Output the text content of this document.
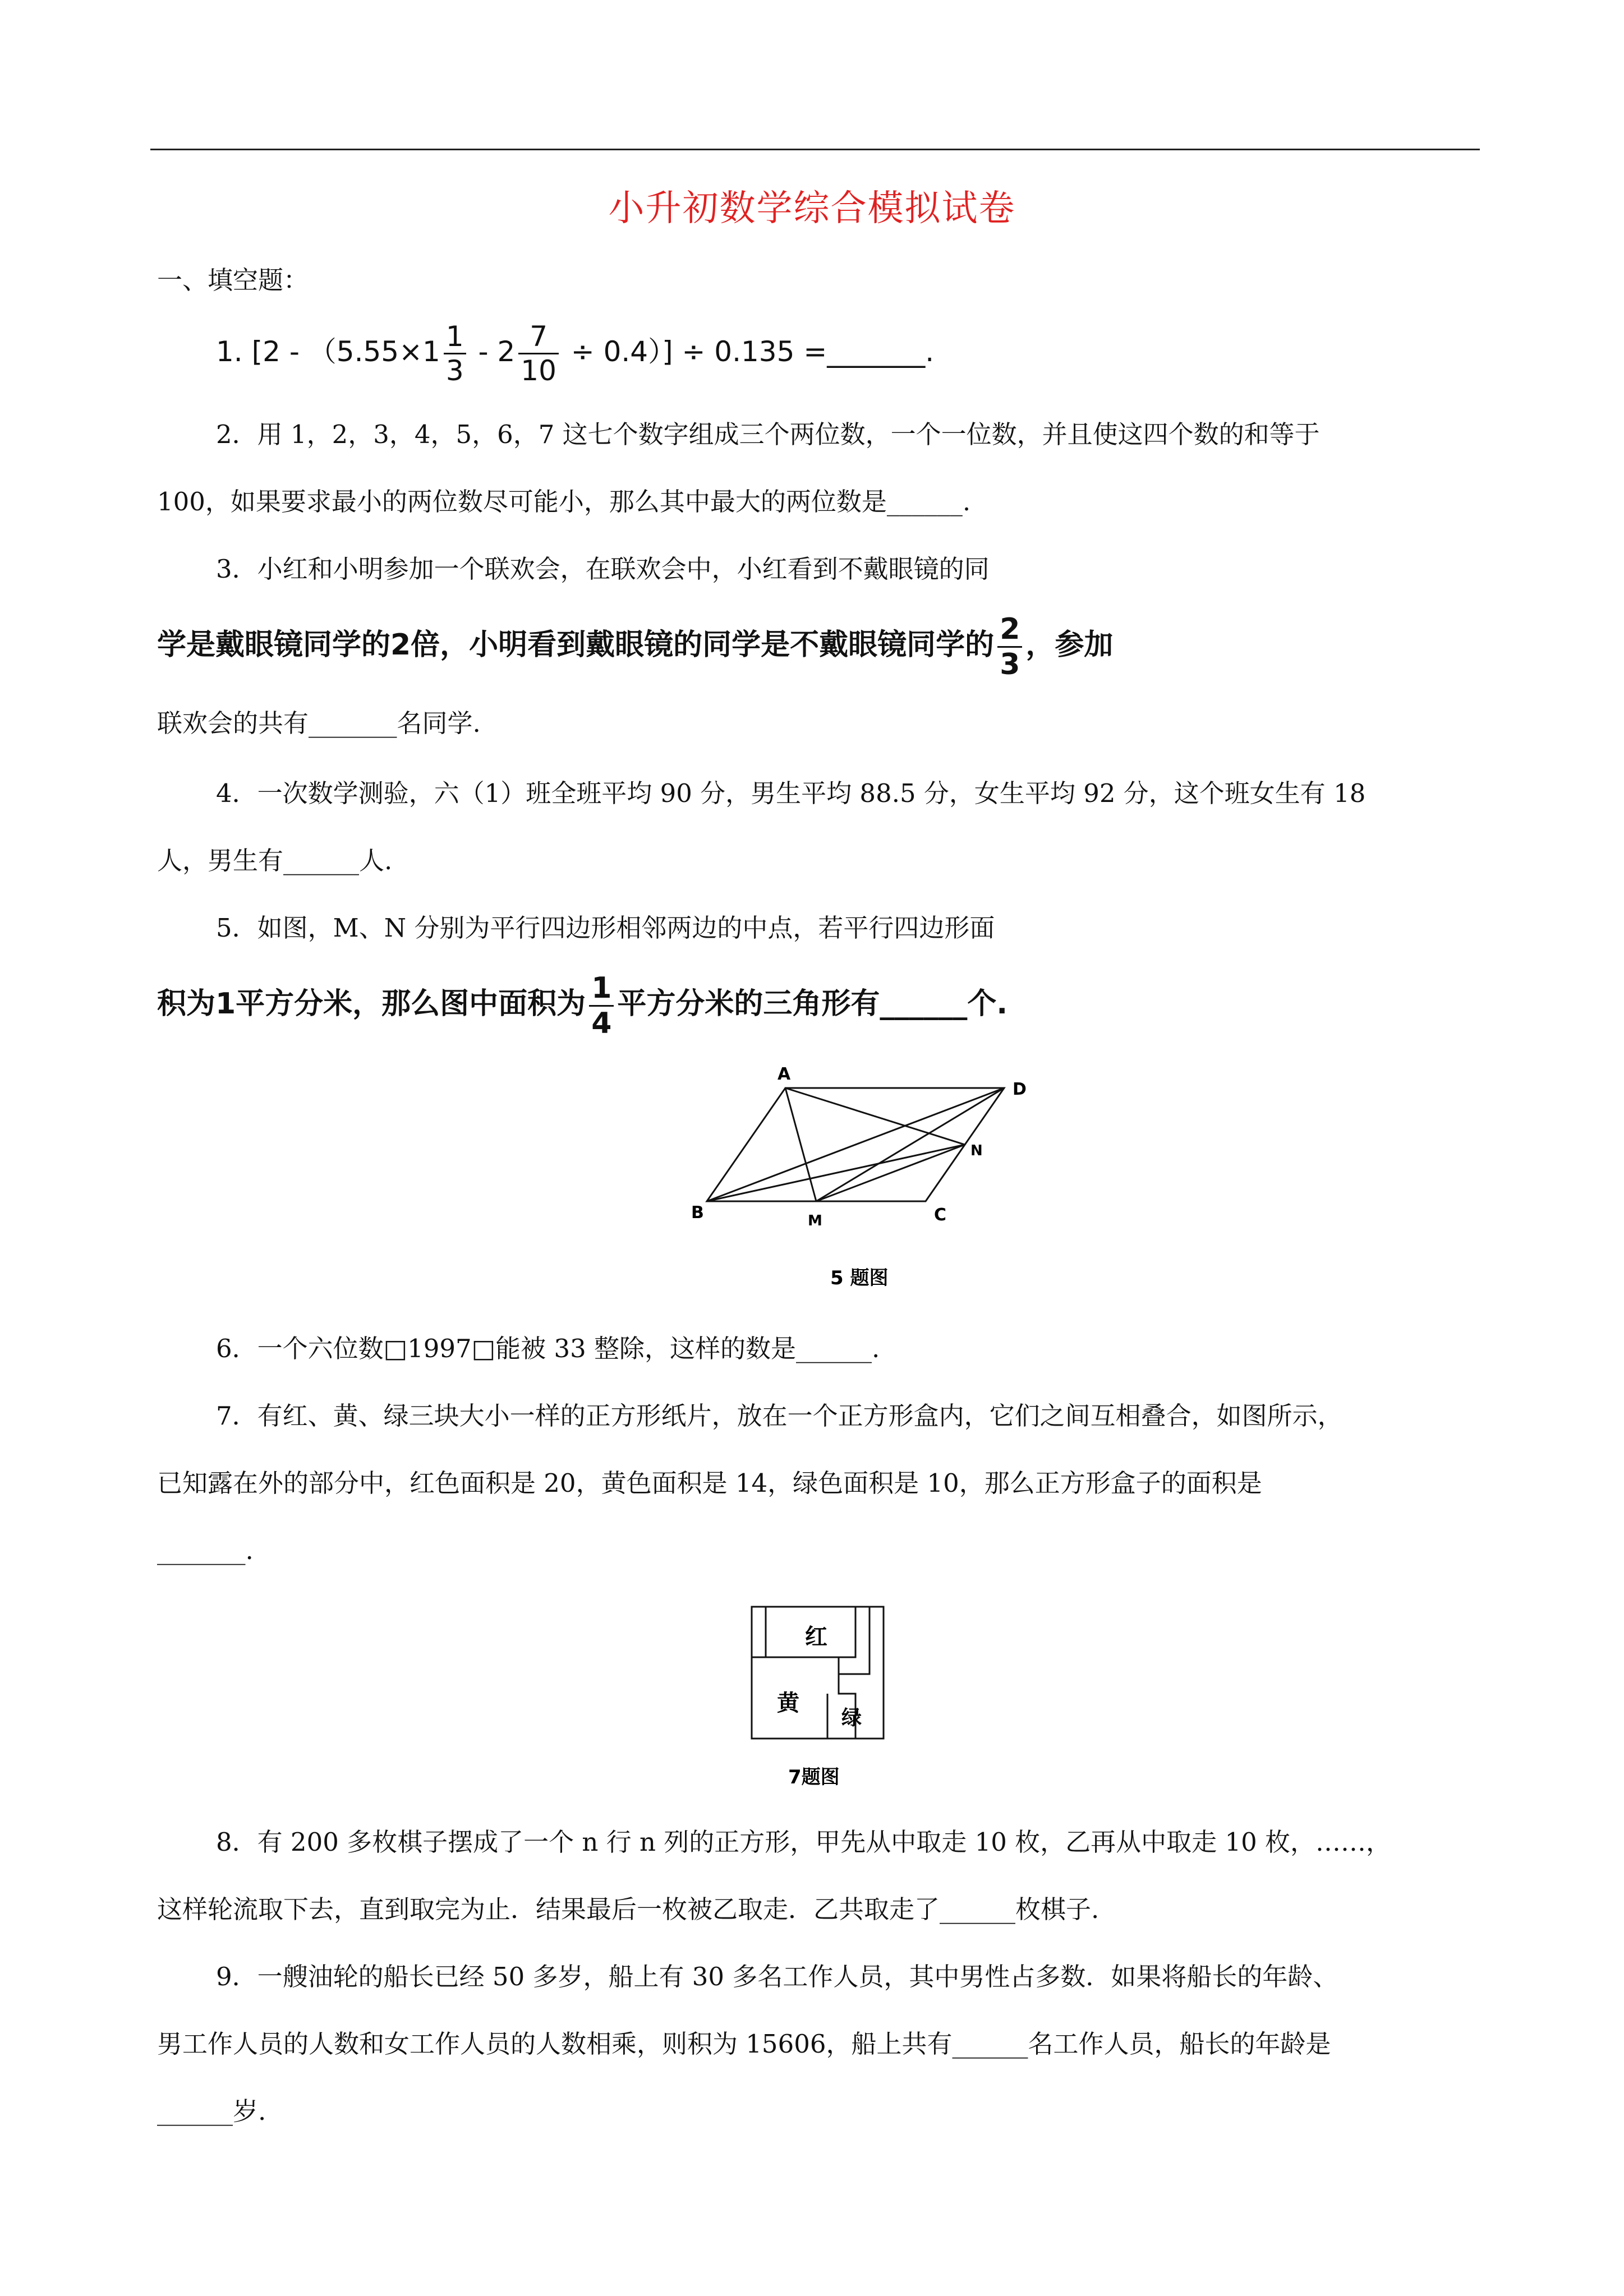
小升初数学综合模拟试卷
一、填空题：
1. $[2 - (5.55\times 1 \frac{1}{3} - 2 \frac{7}{10} \div 0.4)] \div 0.135$ =_______.
2．用 1，2，3，4，5，6，7 这七个数字组成三个两位数，一个一位数，并且使这四个数的和等于
100，如果要求最小的两位数尽可能小，那么其中最大的两位数是______.
3．小红和小明参加一个联欢会，在联欢会中，小红看到不戴眼镜的同
学是戴眼镜同学的2倍，小明看到戴眼镜的同学是不戴眼镜同学的 $\frac{2}{3}$ ，参加
联欢会的共有_______名同学.
4．一次数学测验，六（1）班全班平均 90 分，男生平均 88.5 分，女生平均 92 分，这个班女生有 18
人，男生有______人.
5．如图，M、N 分别为平行四边形相邻两边的中点，若平行四边形面
积为1平方分米，那么图中面积为 $\frac{1}{4}$ 平方分米的三角形有______个.
A
D
N
B	M	C
5 题图
6．一个六位数□1997□能被 33 整除，这样的数是______.
7．有红、黄、绿三块大小一样的正方形纸片，放在一个正方形盒内，它们之间互相叠合，如图所示，
已知露在外的部分中，红色面积是 20，黄色面积是 14，绿色面积是 10，那么正方形盒子的面积是
_______.
红
黄
绿
7题图
8．有 200 多枚棋子摆成了一个 n 行 n 列的正方形，甲先从中取走 10 枚，乙再从中取走 10 枚，……，
这样轮流取下去，直到取完为止．结果最后一枚被乙取走．乙共取走了______枚棋子.
9．一艘油轮的船长已经 50 多岁，船上有 30 多名工作人员，其中男性占多数．如果将船长的年龄、
男工作人员的人数和女工作人员的人数相乘，则积为 15606，船上共有______名工作人员，船长的年龄是
______岁.
